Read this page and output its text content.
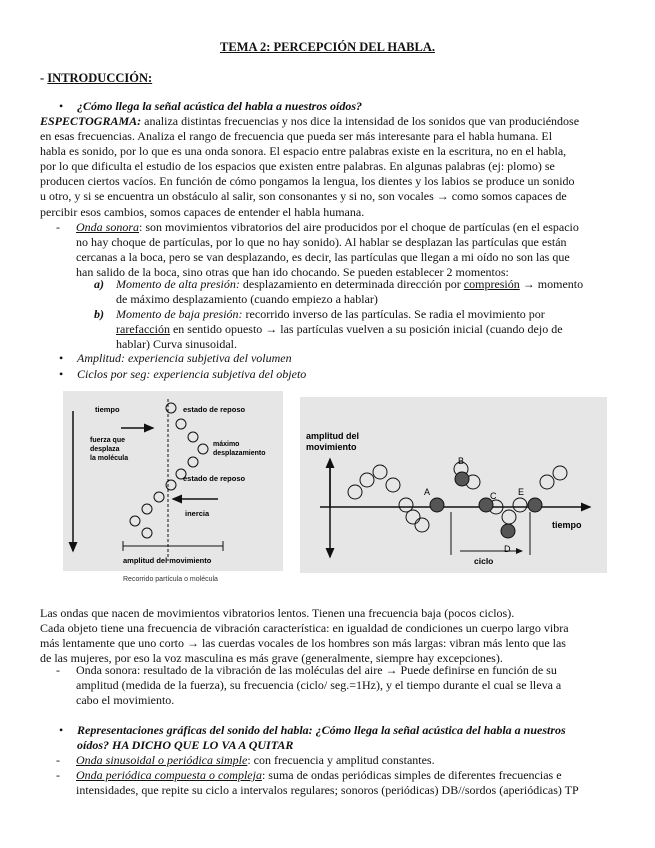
TEMA 2: PERCEPCIÓN DEL HABLA.
- INTRODUCCIÓN:
• ¿Cómo llega la señal acústica del habla a nuestros oídos?
ESPECTOGRAMA: analiza distintas frecuencias y nos dice la intensidad de los sonidos que van produciéndose
en esas frecuencias. Analiza el rango de frecuencia que pueda ser más interesante para el habla humana. El
habla es sonido, por lo que es una onda sonora. El espacio entre palabras existe en la escritura, no en el habla,
por lo que dificulta el estudio de los espacios que existen entre palabras. En algunas palabras (ej: plomo) se
producen ciertos vacíos. En función de cómo pongamos la lengua, los dientes y los labios se produce un sonido
u otro, y si se encuentra un obstáculo al salir, son consonantes y si no, son vocales → como somos capaces de
percibir esos cambios, somos capaces de entender el habla humana.
- Onda sonora: son movimientos vibratorios del aire producidos por el choque de partículas (en el espacio
no hay choque de partículas, por lo que no hay sonido). Al hablar se desplazan las partículas que están
cercanas a la boca, pero se van desplazando, es decir, las partículas que llegan a mi oído no son las que
han salido de la boca, sino otras que han ido chocando. Se pueden establecer 2 momentos:
a) Momento de alta presión: desplazamiento en determinada dirección por compresión → momento
de máximo desplazamiento (cuando empiezo a hablar)
b) Momento de baja presión: recorrido inverso de las partículas. Se radia el movimiento por
rarefacción en sentido opuesto → las partículas vuelven a su posición inicial (cuando dejo de
hablar) Curva sinusoidal.
• Amplitud: experiencia subjetiva del volumen
• Ciclos por seg: experiencia subjetiva del objeto
tiempo	estado de reposo
fuerza que
desplaza
la molécula
máximo
desplazamiento
estado de reposo
inercia
amplitud del movimiento
Recorrido partícula o molécula
amplitud del
movimiento
tiempo
ciclo
A
B
C
D
E
Las ondas que nacen de movimientos vibratorios lentos. Tienen una frecuencia baja (pocos ciclos).
Cada objeto tiene una frecuencia de vibración característica: en igualdad de condiciones un cuerpo largo vibra
más lentamente que uno corto → las cuerdas vocales de los hombres son más largas: vibran más lento que las
de las mujeres, por eso la voz masculina es más grave (generalmente, siempre hay excepciones).
- Onda sonora: resultado de la vibración de las moléculas del aire → Puede definirse en función de su
amplitud (medida de la fuerza), su frecuencia (ciclo/ seg.=1Hz), y el tiempo durante el cual se lleva a
cabo el movimiento.
• Representaciones gráficas del sonido del habla: ¿Cómo llega la señal acústica del habla a nuestros
oídos? HA DICHO QUE LO VA A QUITAR
- Onda sinusoidal o periódica simple: con frecuencia y amplitud constantes.
- Onda periódica compuesta o compleja: suma de ondas periódicas simples de diferentes frecuencias e
intensidades, que repite su ciclo a intervalos regulares; sonoros (periódicas) DB//sordos (aperiódicas) TP
